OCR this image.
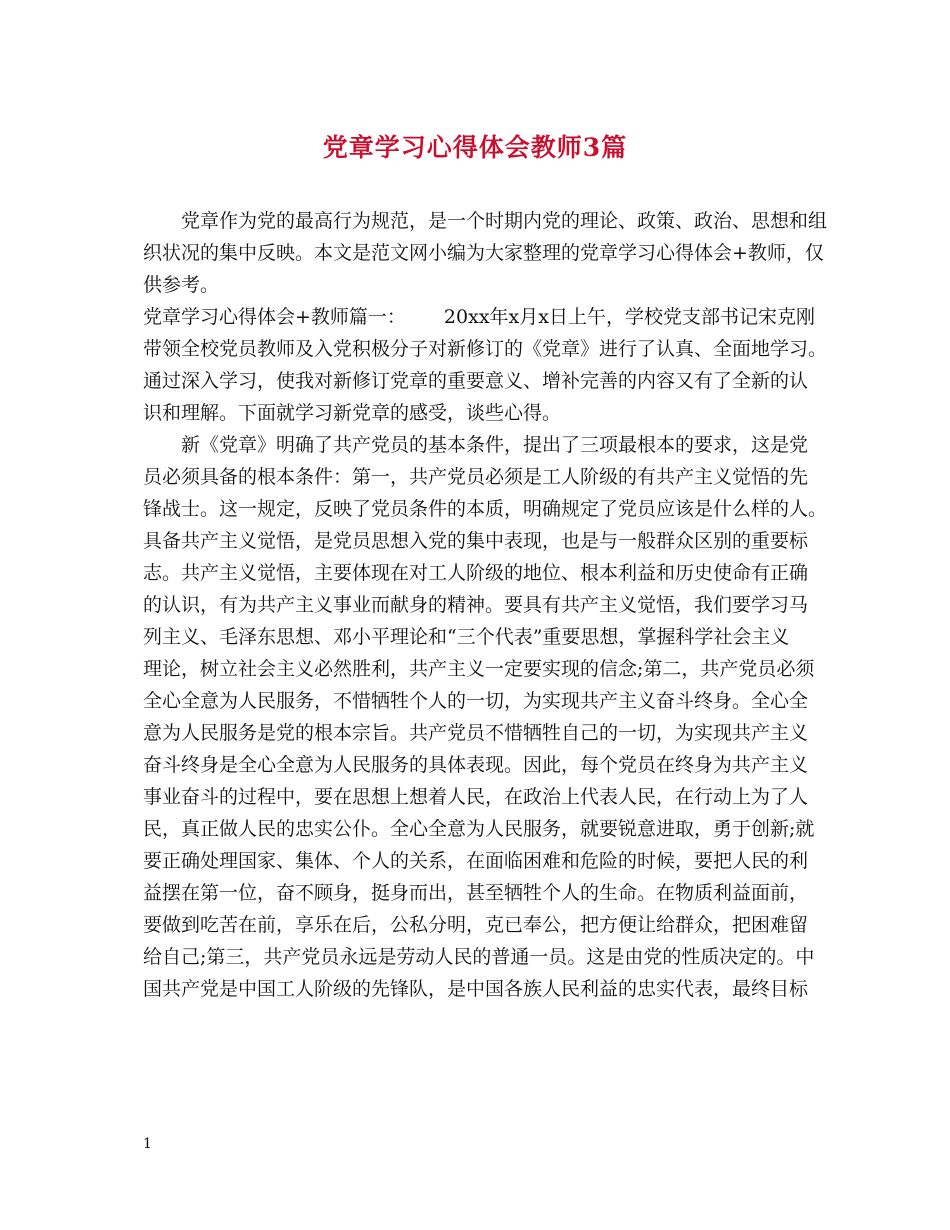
党章学习心得体会教师3篇
党章作为党的最高行为规范，是一个时期内党的理论、政策、政治、思想和组
织状况的集中反映。本文是范文网小编为大家整理的党章学习心得体会+教师，仅
供参考。
党章学习心得体会+教师篇一： 20xx年x月x日上午，学校党支部书记宋克刚
带领全校党员教师及入党积极分子对新修订的《党章》进行了认真、全面地学习。
通过深入学习，使我对新修订党章的重要意义、增补完善的内容又有了全新的认
识和理解。下面就学习新党章的感受，谈些心得。
新《党章》明确了共产党员的基本条件，提出了三项最根本的要求，这是党
员必须具备的根本条件：第一，共产党员必须是工人阶级的有共产主义觉悟的先
锋战士。这一规定，反映了党员条件的本质，明确规定了党员应该是什么样的人。
具备共产主义觉悟，是党员思想入党的集中表现，也是与一般群众区别的重要标
志。共产主义觉悟，主要体现在对工人阶级的地位、根本利益和历史使命有正确
的认识，有为共产主义事业而献身的精神。要具有共产主义觉悟，我们要学习马
列主义、毛泽东思想、邓小平理论和“三个代表”重要思想，掌握科学社会主义
理论，树立社会主义必然胜利，共产主义一定要实现的信念;第二，共产党员必须
全心全意为人民服务，不惜牺牲个人的一切，为实现共产主义奋斗终身。全心全
意为人民服务是党的根本宗旨。共产党员不惜牺牲自己的一切，为实现共产主义
奋斗终身是全心全意为人民服务的具体表现。因此，每个党员在终身为共产主义
事业奋斗的过程中，要在思想上想着人民，在政治上代表人民，在行动上为了人
民，真正做人民的忠实公仆。全心全意为人民服务，就要锐意进取，勇于创新;就
要正确处理国家、集体、个人的关系，在面临困难和危险的时候，要把人民的利
益摆在第一位，奋不顾身，挺身而出，甚至牺牲个人的生命。在物质利益面前，
要做到吃苦在前，享乐在后，公私分明，克已奉公，把方便让给群众，把困难留
给自己;第三，共产党员永远是劳动人民的普通一员。这是由党的性质决定的。中
国共产党是中国工人阶级的先锋队，是中国各族人民利益的忠实代表，最终目标
1
